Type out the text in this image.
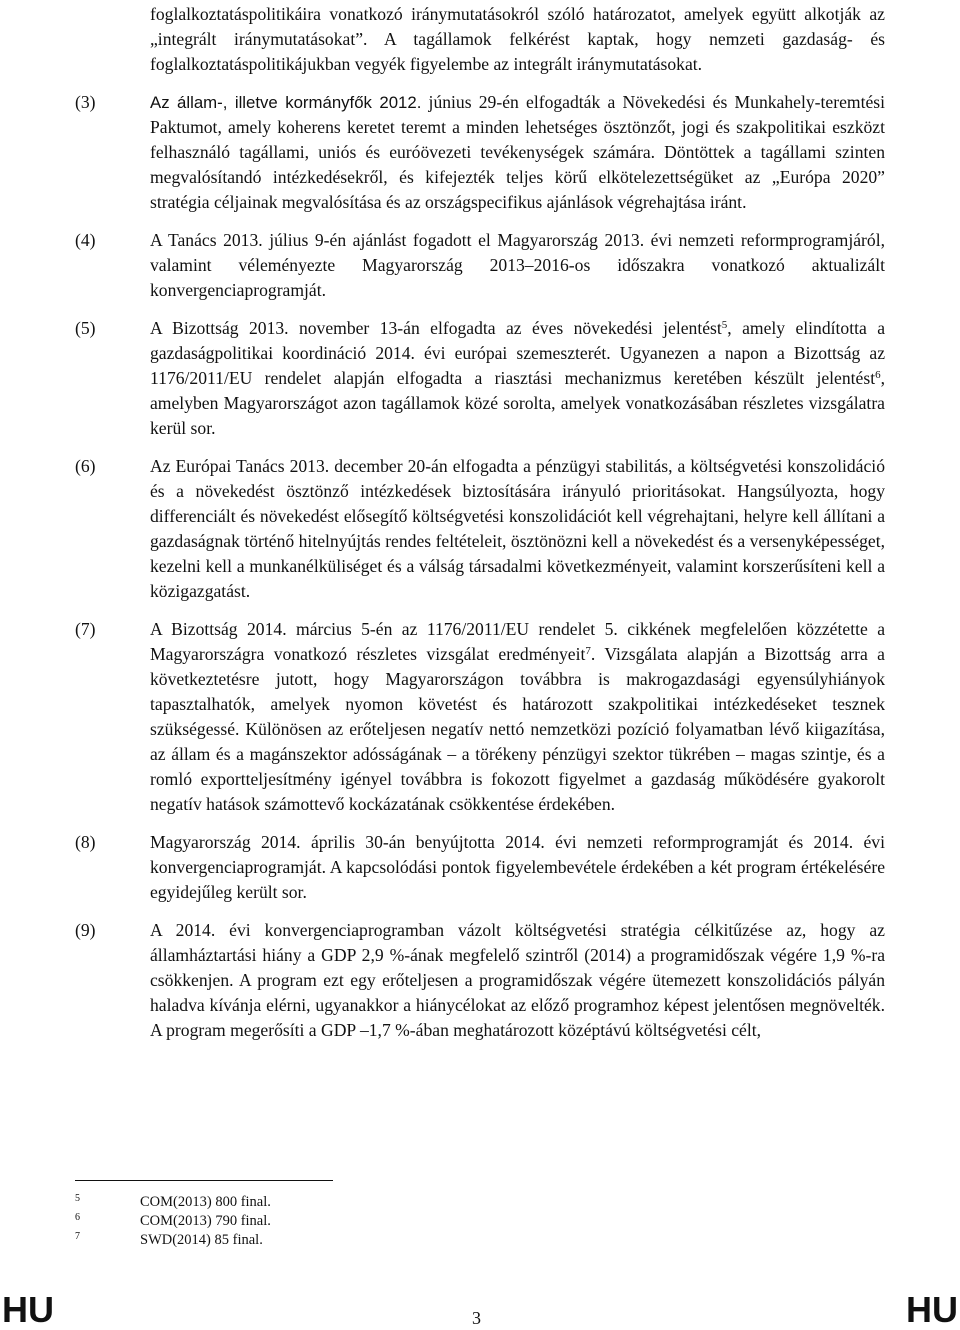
foglalkoztatáspolitikáira vonatkozó iránymutatásokról szóló határozatot, amelyek együtt alkotják az „integrált iránymutatásokat”. A tagállamok felkérést kaptak, hogy nemzeti gazdaság- és foglalkoztatáspolitikájukban vegyék figyelembe az integrált iránymutatásokat.
(3)	Az állam-, illetve kormányfők 2012. június 29-én elfogadták a Növekedési és Munkahely-teremtési Paktumot, amely koherens keretet teremt a minden lehetséges ösztönzőt, jogi és szakpolitikai eszközt felhasználó tagállami, uniós és euróövezeti tevékenységek számára. Döntöttek a tagállami szinten megvalósítandó intézkedésekről, és kifejezték teljes körű elkötelezettségüket az „Európa 2020” stratégia céljainak megvalósítása és az országspecifikus ajánlások végrehajtása iránt.
(4)	A Tanács 2013. július 9-én ajánlást fogadott el Magyarország 2013. évi nemzeti reformprogramjáról, valamint véleményezte Magyarország 2013–2016-os időszakra vonatkozó aktualizált konvergenciaprogramját.
(5)	A Bizottság 2013. november 13-án elfogadta az éves növekedési jelentést$^5$, amely elindította a gazdaságpolitikai koordináció 2014. évi európai szemeszterét. Ugyanezen a napon a Bizottság az 1176/2011/EU rendelet alapján elfogadta a riasztási mechanizmus keretében készült jelentést$^6$, amelyben Magyarországot azon tagállamok közé sorolta, amelyek vonatkozásában részletes vizsgálatra kerül sor.
(6)	Az Európai Tanács 2013. december 20-án elfogadta a pénzügyi stabilitás, a költségvetési konszolidáció és a növekedést ösztönző intézkedések biztosítására irányuló prioritásokat. Hangsúlyozta, hogy differenciált és növekedést elősegítő költségvetési konszolidációt kell végrehajtani, helyre kell állítani a gazdaságnak történő hitelnyújtás rendes feltételeit, ösztönözni kell a növekedést és a versenyképességet, kezelni kell a munkanélküliséget és a válság társadalmi következményeit, valamint korszerűsíteni kell a közigazgatást.
(7)	A Bizottság 2014. március 5-én az 1176/2011/EU rendelet 5. cikkének megfelelően közzétette a Magyarországra vonatkozó részletes vizsgálat eredményeit$^7$. Vizsgálata alapján a Bizottság arra a következtetésre jutott, hogy Magyarországon továbbra is makrogazdasági egyensúlyhiányok tapasztalhatók, amelyek nyomon követést és határozott szakpolitikai intézkedéseket tesznek szükségessé. Különösen az erőteljesen negatív nettó nemzetközi pozíció folyamatban lévő kiigazítása, az állam és a magánszektor adósságának – a törékeny pénzügyi szektor tükrében – magas szintje, és a romló exportteljesítmény igényel továbbra is fokozott figyelmet a gazdaság működésére gyakorolt negatív hatások számottevő kockázatának csökkentése érdekében.
(8)	Magyarország 2014. április 30-án benyújtotta 2014. évi nemzeti reformprogramját és 2014. évi konvergenciaprogramját. A kapcsolódási pontok figyelembevétele érdekében a két program értékelésére egyidejűleg került sor.
(9)	A 2014. évi konvergenciaprogramban vázolt költségvetési stratégia célkitűzése az, hogy az államháztartási hiány a GDP 2,9 %-ának megfelelő szintről (2014) a programidőszak végére 1,9 %-ra csökkenjen. A program ezt egy erőteljesen a programidőszak végére ütemezett konszolidációs pályán haladva kívánja elérni, ugyanakkor a hiánycélokat az előző programhoz képest jelentősen megnövelték. A program megerősíti a GDP –1,7 %-ában meghatározott középtávú költségvetési célt,
5	COM(2013) 800 final.
6	COM(2013) 790 final.
7	SWD(2014) 85 final.
HU	3	HU
